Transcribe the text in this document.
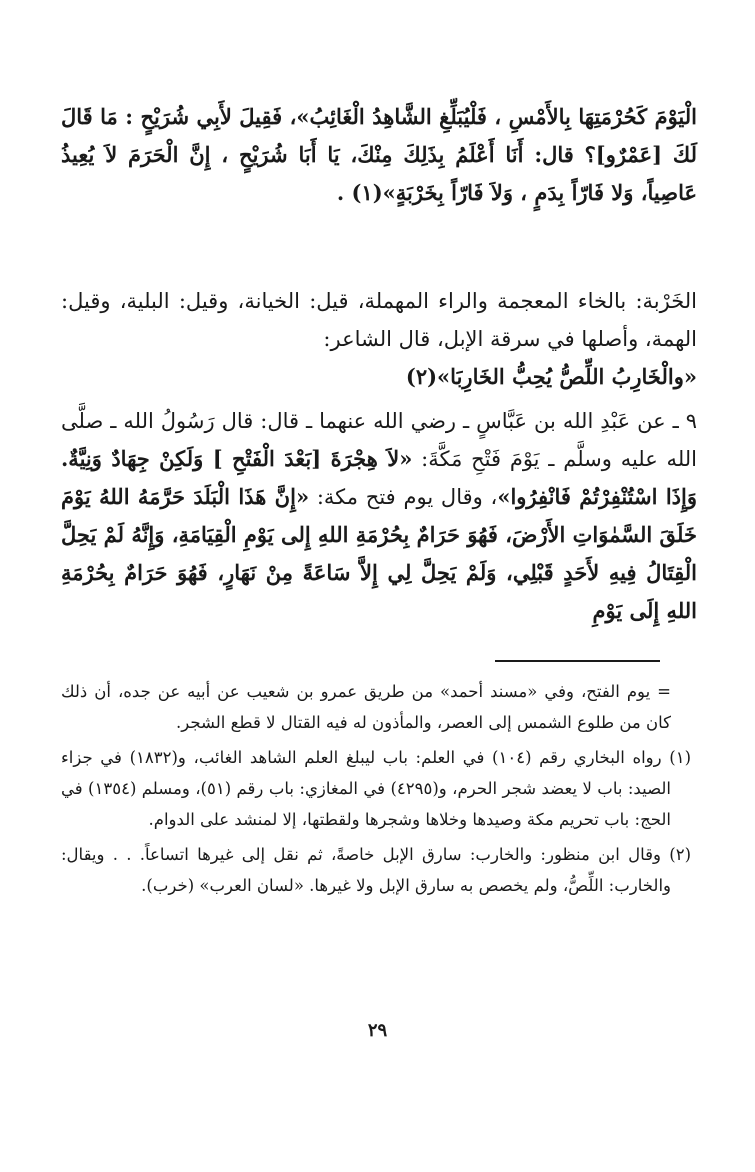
الْيَوْمَ كَحُرْمَتِهَا بِالأَمْسِ ، فَلْيُبَلِّغِ الشَّاهِدُ الْغَائِبُ»، فَقِيلَ لأَبِي شُرَيْحٍ : مَا قَالَ لَكَ [عَمْرٌو]؟ قال: أَنَا أَعْلَمُ بِذَلِكَ مِنْكَ، يَا أَبَا شُرَيْحٍ ، إِنَّ الْحَرَمَ لاَ يُعِيذُ عَاصِياً، وَلا فَارّاً بِدَمٍ ، وَلاَ فَارّاً بِخَرْبَةٍ»(١) .

الخَرْبة: بالخاء المعجمة والراء المهملة، قيل: الخيانة، وقيل: البلية، وقيل: الهمة، وأصلها في سرقة الإبل، قال الشاعر:

«والْخَارِبُ اللِّصُّ يُحِبُّ الخَارِبَا»(٢)

٩ ـ عن عَبْدِ الله بن عَبَّاسٍ ـ رضي الله عنهما ـ قال: قال رَسُولُ الله ـ صلَّى الله عليه وسلَّم ـ يَوْمَ فَتْحِ مَكَّةَ: «لاَ هِجْرَةَ [بَعْدَ الْفَتْحِ ] وَلَكِنْ جِهَادٌ وَنِيَّةٌ. وَإِذَا اسْتُنْفِرْتُمْ فَانْفِرُوا»، وقال يوم فتح مكة: «إِنَّ هَذَا الْبَلَدَ حَرَّمَهُ اللهُ يَوْمَ خَلَقَ السَّمٰوَاتِ الأَرْضَ، فَهُوَ حَرَامٌ بِحُرْمَةِ اللهِ إِلى يَوْمِ الْقِيَامَةِ، وَإِنَّهُ لَمْ يَحِلَّ الْقِتَالُ فِيهِ لأَحَدٍ قَبْلِي، وَلَمْ يَحِلَّ لِي إِلاَّ سَاعَةً مِنْ نَهَارٍ، فَهُوَ حَرَامٌ بِحُرْمَةِ اللهِ إِلَى يَوْمِ

= يوم الفتح، وفي «مسند أحمد» من طريق عمرو بن شعيب عن أبيه عن جده، أن ذلك كان من طلوع الشمس إلى العصر، والمأذون له فيه القتال لا قطع الشجر.

(١) رواه البخاري رقم (١٠٤) في العلم: باب ليبلغ العلم الشاهد الغائب، و(١٨٣٢) في جزاء الصيد: باب لا يعضد شجر الحرم، و(٤٢٩٥) في المغازي: باب رقم (٥١)، ومسلم (١٣٥٤) في الحج: باب تحريم مكة وصيدها وخلاها وشجرها ولقطتها، إلا لمنشد على الدوام.

(٢) وقال ابن منظور: والخارب: سارق الإبل خاصةً، ثم نقل إلى غيرها اتساعاً. . . ويقال: والخارب: اللِّصُّ، ولم يخصص به سارق الإبل ولا غيرها. «لسان العرب» (خرب).

٢٩
